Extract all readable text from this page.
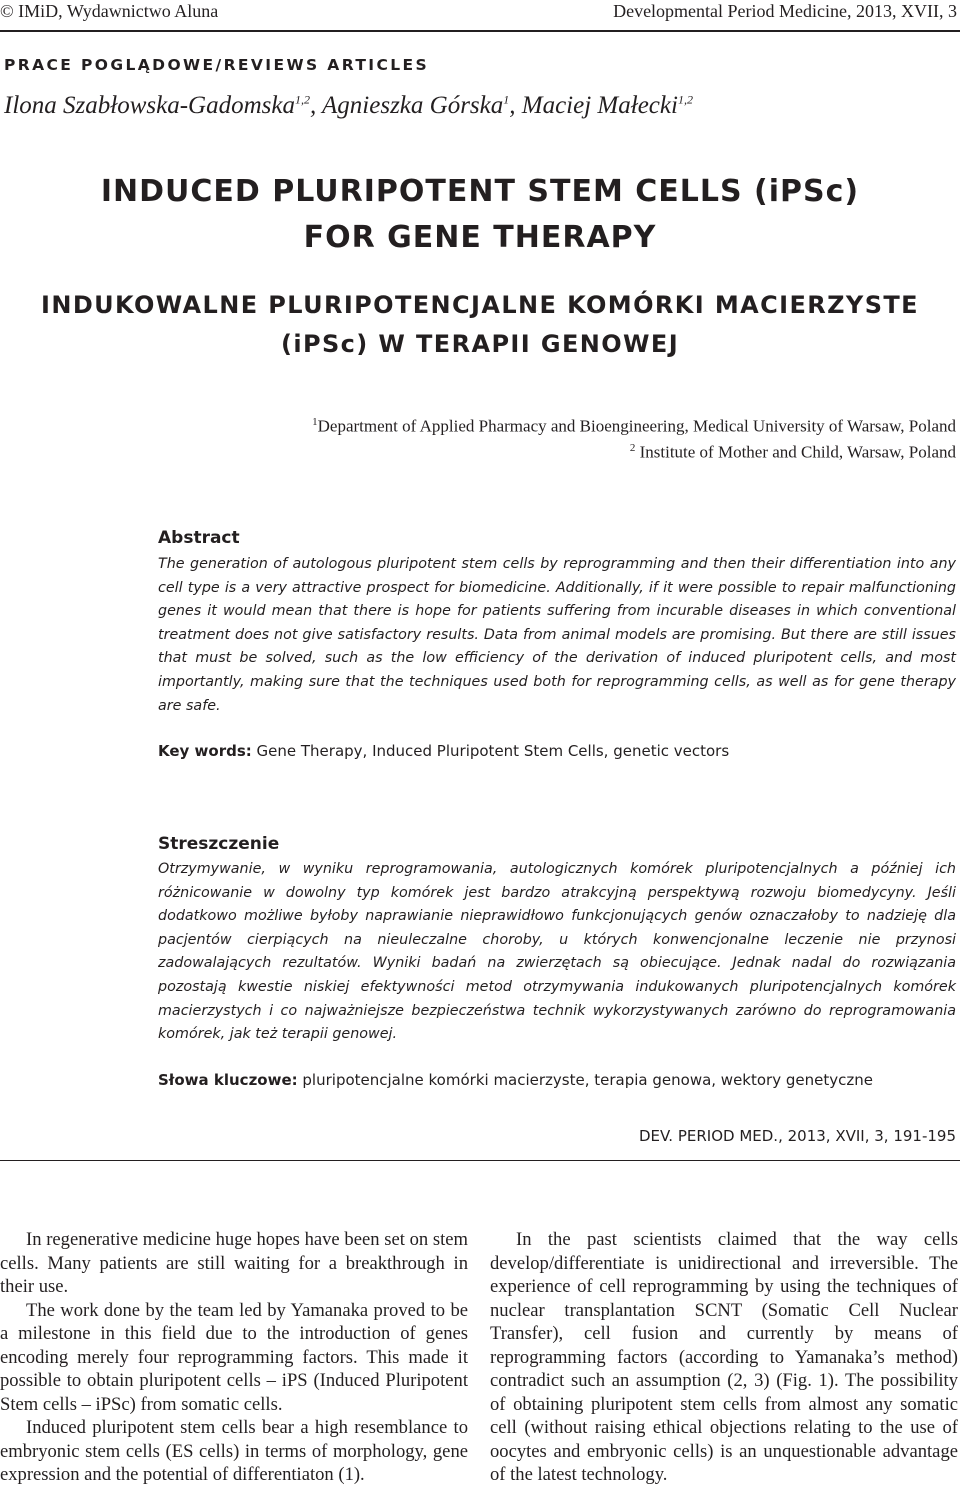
© IMiD, Wydawnictwo Aluna	Developmental Period Medicine, 2013, XVII, 3
PRACE POGLĄDOWE/REVIEWS ARTICLES
Ilona Szabłowska-Gadomska$^{1,2}$, Agnieszka Górska$^1$, Maciej Małecki$^{1,2}$
INDUCED PLURIPOTENT STEM CELLS (iPSc)
FOR GENE THERAPY
INDUKOWALNE PLURIPOTENCJALNE KOMÓRKI MACIERZYSTE
(iPSc) W TERAPII GENOWEJ
$^1$Department of Applied Pharmacy and Bioengineering, Medical University of Warsaw, Poland
$^2$ Institute of Mother and Child, Warsaw, Poland
Abstract
The generation of autologous pluripotent stem cells by reprogramming and then their differentiation into any cell type is a very attractive prospect for biomedicine. Additionally, if it were possible to repair malfunctioning genes it would mean that there is hope for patients suffering from incurable diseases in which conventional treatment does not give satisfactory results. Data from animal models are promising. But there are still issues that must be solved, such as the low efficiency of the derivation of induced pluripotent cells, and most importantly, making sure that the techniques used both for reprogramming cells, as well as for gene therapy are safe.
Key words: Gene Therapy, Induced Pluripotent Stem Cells, genetic vectors
Streszczenie
Otrzymywanie, w wyniku reprogramowania, autologicznych komórek pluripotencjalnych a później ich różnicowanie w dowolny typ komórek jest bardzo atrakcyjną perspektywą rozwoju biomedycyny. Jeśli dodatkowo możliwe byłoby naprawianie nieprawidłowo funkcjonujących genów oznaczałoby to nadzieję dla pacjentów cierpiących na nieuleczalne choroby, u których konwencjonalne leczenie nie przynosi zadowalających rezultatów. Wyniki badań na zwierzętach są obiecujące. Jednak nadal do rozwiązania pozostają kwestie niskiej efektywności metod otrzymywania indukowanych pluripotencjalnych komórek macierzystych i co najważniejsze bezpieczeństwa technik wykorzystywanych zarówno do reprogramowania komórek, jak też terapii genowej.
Słowa kluczowe: pluripotencjalne komórki macierzyste, terapia genowa, wektory genetyczne
DEV. PERIOD MED., 2013, XVII, 3, 191-195

In regenerative medicine huge hopes have been set on stem cells. Many patients are still waiting for a breakthrough in their use.

The work done by the team led by Yamanaka proved to be a milestone in this field due to the introduction of genes encoding merely four reprogramming factors. This made it possible to obtain pluripotent cells – iPS (Induced Pluripotent Stem cells – iPSc) from somatic cells.

Induced pluripotent stem cells bear a high resemblance to embryonic stem cells (ES cells) in terms of morphology, gene expression and the potential of differentiaton (1).

In the past scientists claimed that the way cells develop/differentiate is unidirectional and irreversible. The experience of cell reprogramming by using the techniques of nuclear transplantation SCNT (Somatic Cell Nuclear Transfer), cell fusion and currently by means of reprogramming factors (according to Yamanaka’s method) contradict such an assumption (2, 3) (Fig. 1). The possibility of obtaining pluripotent stem cells from almost any somatic cell (without raising ethical objections relating to the use of oocytes and embryonic cells) is an unquestionable advantage of the latest technology.
